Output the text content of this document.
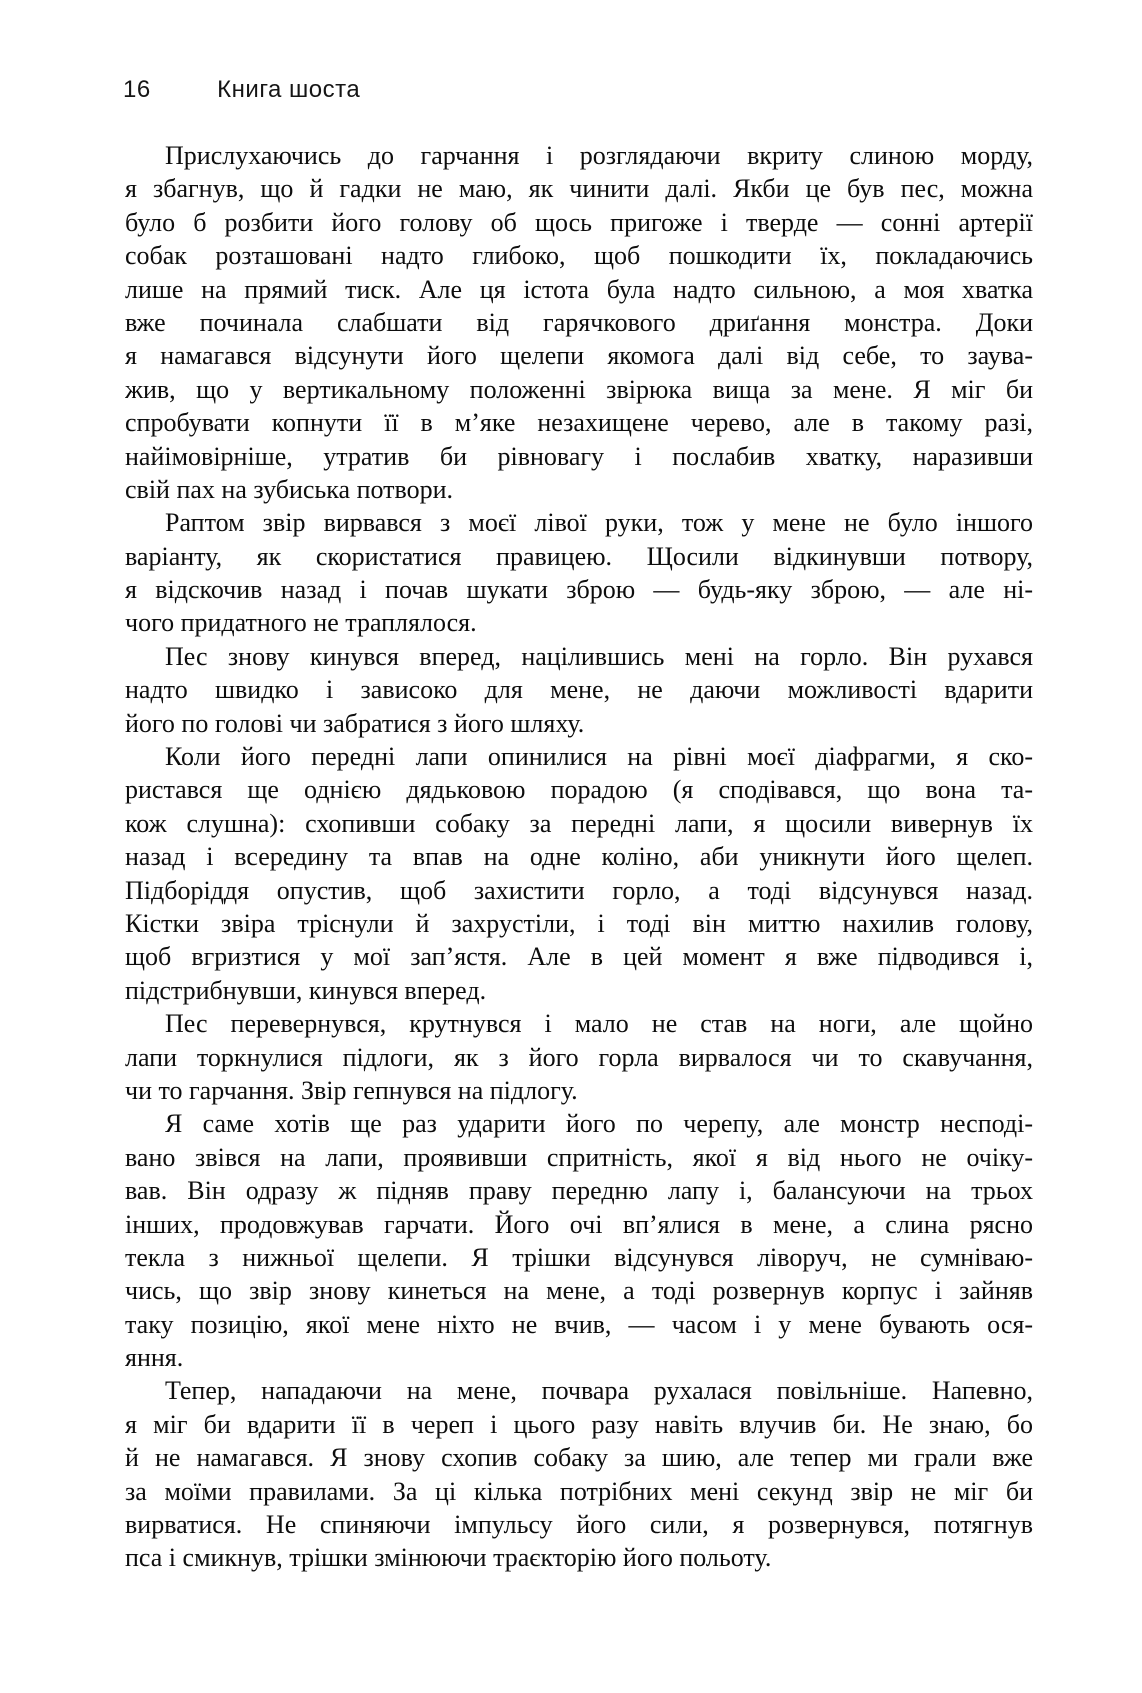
16	Книга шоста
Прислухаючись до гарчання і розглядаючи вкриту слиною морду,
я збагнув, що й гадки не маю, як чинити далі. Якби це був пес, можна
було б розбити його голову об щось пригоже і тверде — сонні артерії
собак розташовані надто глибоко, щоб пошкодити їх, покладаючись
лише на прямий тиск. Але ця істота була надто сильною, а моя хватка
вже починала слабшати від гарячкового дриґання монстра. Доки
я намагався відсунути його щелепи якомога далі від себе, то заува-
жив, що у вертикальному положенні звірюка вища за мене. Я міг би
спробувати копнути її в м’яке незахищене черево, але в такому разі,
найімовірніше, утратив би рівновагу і послабив хватку, наразивши
свій пах на зубиська потвори.
Раптом звір вирвався з моєї лівої руки, тож у мене не було іншого
варіанту, як скористатися правицею. Щосили відкинувши потвору,
я відскочив назад і почав шукати зброю — будь-яку зброю, — але ні-
чого придатного не траплялося.
Пес знову кинувся вперед, націлившись мені на горло. Він рухався
надто швидко і зависоко для мене, не даючи можливості вдарити
його по голові чи забратися з його шляху.
Коли його передні лапи опинилися на рівні моєї діафрагми, я ско-
ристався ще однією дядьковою порадою (я сподівався, що вона та-
кож слушна): схопивши собаку за передні лапи, я щосили вивернув їх
назад і всередину та впав на одне коліно, аби уникнути його щелеп.
Підборіддя опустив, щоб захистити горло, а тоді відсунувся назад.
Кістки звіра тріснули й захрустіли, і тоді він миттю нахилив голову,
щоб вгризтися у мої зап’ястя. Але в цей момент я вже підводився і,
підстрибнувши, кинувся вперед.
Пес перевернувся, крутнувся і мало не став на ноги, але щойно
лапи торкнулися підлоги, як з його горла вирвалося чи то скавучання,
чи то гарчання. Звір гепнувся на підлогу.
Я саме хотів ще раз ударити його по черепу, але монстр несподі-
вано звівся на лапи, проявивши спритність, якої я від нього не очіку-
вав. Він одразу ж підняв праву передню лапу і, балансуючи на трьох
інших, продовжував гарчати. Його очі вп’ялися в мене, а слина рясно
текла з нижньої щелепи. Я трішки відсунувся ліворуч, не сумніваю-
чись, що звір знову кинеться на мене, а тоді розвернув корпус і зайняв
таку позицію, якої мене ніхто не вчив, — часом і у мене бувають ося-
яння.
Тепер, нападаючи на мене, почвара рухалася повільніше. Напевно,
я міг би вдарити її в череп і цього разу навіть влучив би. Не знаю, бо
й не намагався. Я знову схопив собаку за шию, але тепер ми грали вже
за моїми правилами. За ці кілька потрібних мені секунд звір не міг би
вирватися. Не спиняючи імпульсу його сили, я розвернувся, потягнув
пса і смикнув, трішки змінюючи траєкторію його польоту.
